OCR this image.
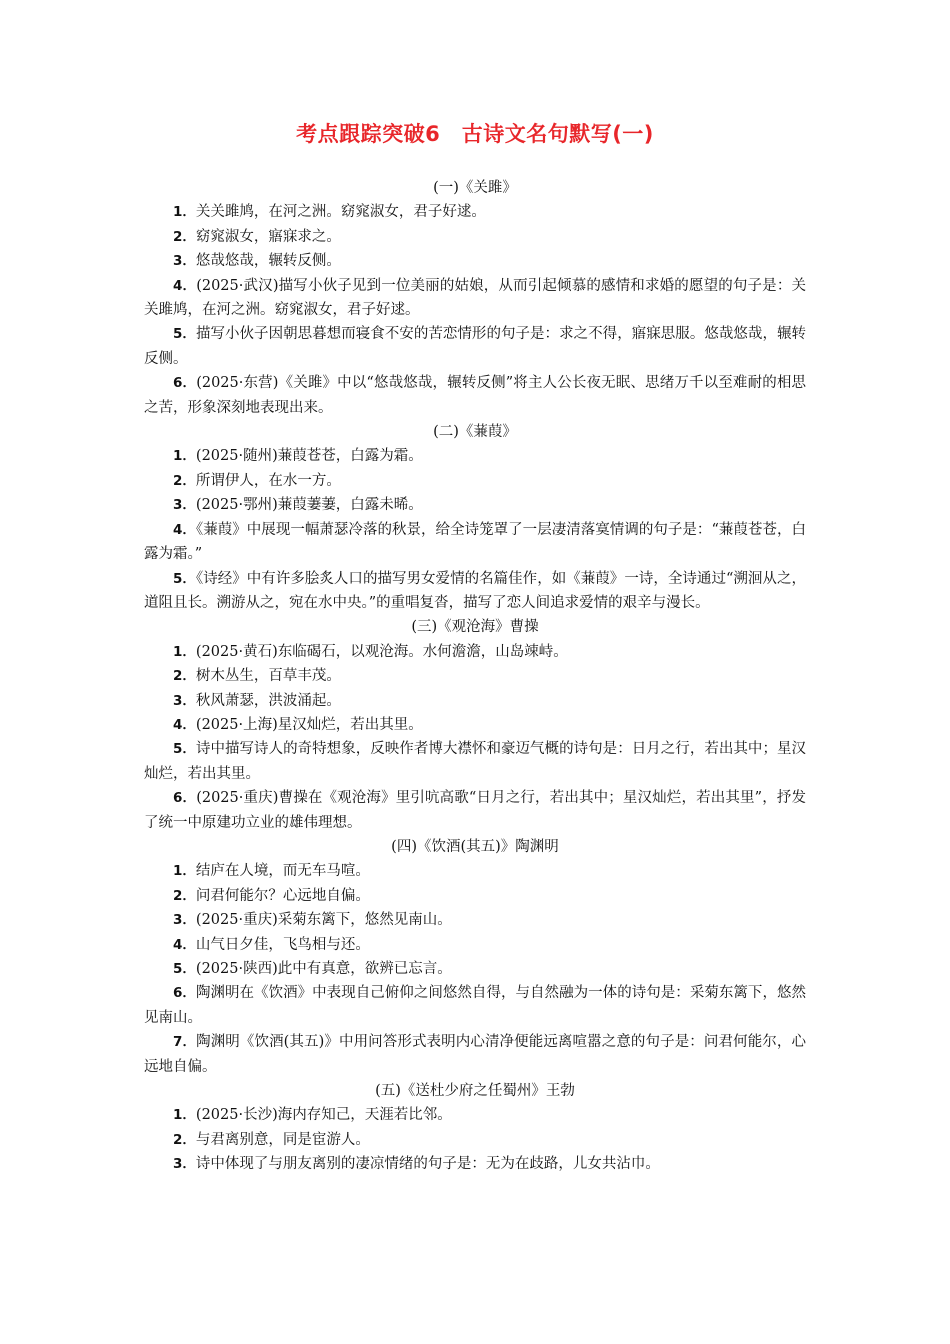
考点跟踪突破6　古诗文名句默写(一)

(一)《关雎》

1．关关雎鸠，在河之洲。窈窕淑女，君子好逑。

2．窈窕淑女，寤寐求之。

3．悠哉悠哉，辗转反侧。

4．(2025·武汉)描写小伙子见到一位美丽的姑娘，从而引起倾慕的感情和求婚的愿望的句子是：关关雎鸠，在河之洲。窈窕淑女，君子好逑。

5．描写小伙子因朝思暮想而寝食不安的苦恋情形的句子是：求之不得，寤寐思服。悠哉悠哉，辗转反侧。

6．(2025·东营)《关雎》中以“悠哉悠哉，辗转反侧”将主人公长夜无眠、思绪万千以至难耐的相思之苦，形象深刻地表现出来。

(二)《蒹葭》

1．(2025·随州)蒹葭苍苍，白露为霜。

2．所谓伊人，在水一方。

3．(2025·鄂州)蒹葭萋萋，白露未晞。

4．《蒹葭》中展现一幅萧瑟冷落的秋景，给全诗笼罩了一层凄清落寞情调的句子是：“蒹葭苍苍，白露为霜。”

5．《诗经》中有许多脍炙人口的描写男女爱情的名篇佳作，如《蒹葭》一诗，全诗通过“溯洄从之，道阻且长。溯游从之，宛在水中央。”的重唱复沓，描写了恋人间追求爱情的艰辛与漫长。

(三)《观沧海》曹操

1．(2025·黄石)东临碣石，以观沧海。水何澹澹，山岛竦峙。

2．树木丛生，百草丰茂。

3．秋风萧瑟，洪波涌起。

4．(2025·上海)星汉灿烂，若出其里。

5．诗中描写诗人的奇特想象，反映作者博大襟怀和豪迈气概的诗句是：日月之行，若出其中；星汉灿烂，若出其里。

6．(2025·重庆)曹操在《观沧海》里引吭高歌“日月之行，若出其中；星汉灿烂，若出其里”，抒发了统一中原建功立业的雄伟理想。

(四)《饮酒(其五)》陶渊明

1．结庐在人境，而无车马喧。

2．问君何能尔？心远地自偏。

3．(2025·重庆)采菊东篱下，悠然见南山。

4．山气日夕佳，飞鸟相与还。

5．(2025·陕西)此中有真意，欲辨已忘言。

6．陶渊明在《饮酒》中表现自己俯仰之间悠然自得，与自然融为一体的诗句是：采菊东篱下，悠然见南山。

7．陶渊明《饮酒(其五)》中用问答形式表明内心清净便能远离喧嚣之意的句子是：问君何能尔，心远地自偏。

(五)《送杜少府之任蜀州》王勃

1．(2025·长沙)海内存知己，天涯若比邻。

2．与君离别意，同是宦游人。

3．诗中体现了与朋友离别的凄凉情绪的句子是：无为在歧路，儿女共沾巾。
